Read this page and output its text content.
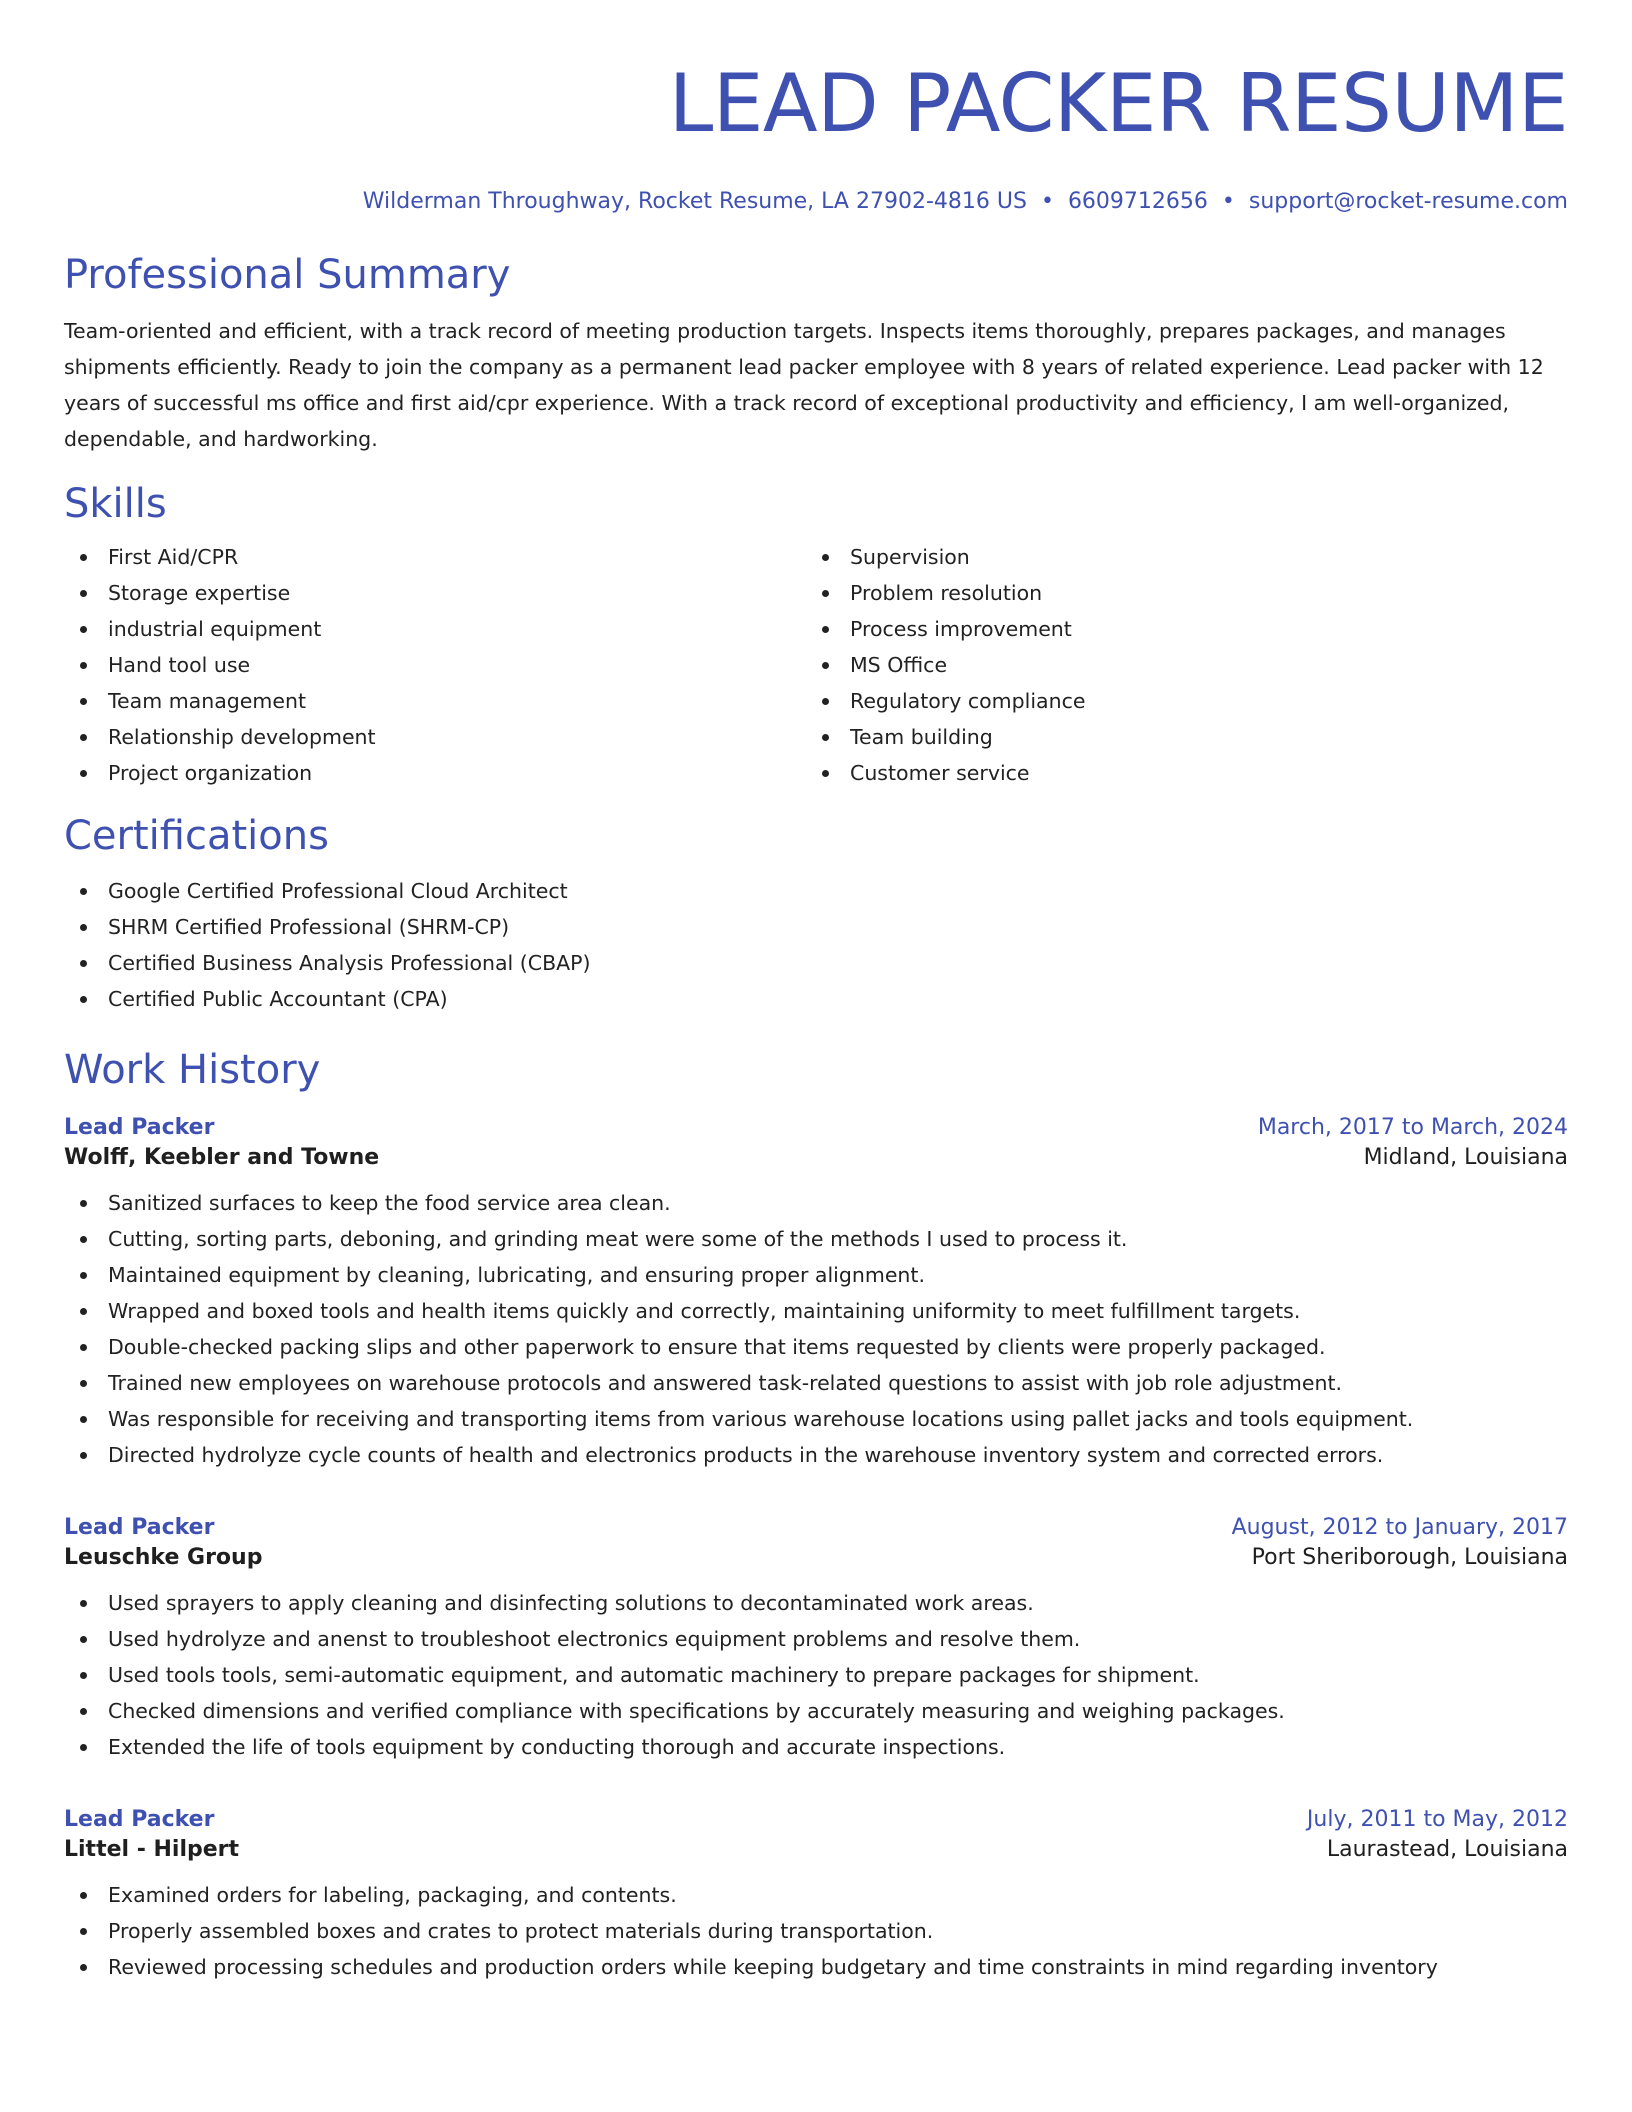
LEAD PACKER RESUME
Wilderman Throughway, Rocket Resume, LA 27902-4816 US • 6609712656 • support@rocket-resume.com
Professional Summary
Team-oriented and efficient, with a track record of meeting production targets. Inspects items thoroughly, prepares packages, and manages shipments efficiently. Ready to join the company as a permanent lead packer employee with 8 years of related experience. Lead packer with 12 years of successful ms office and first aid/cpr experience. With a track record of exceptional productivity and efficiency, I am well-organized, dependable, and hardworking.
Skills
First Aid/CPR
Storage expertise
industrial equipment
Hand tool use
Team management
Relationship development
Project organization
Supervision
Problem resolution
Process improvement
MS Office
Regulatory compliance
Team building
Customer service
Certifications
Google Certified Professional Cloud Architect
SHRM Certified Professional (SHRM-CP)
Certified Business Analysis Professional (CBAP)
Certified Public Accountant (CPA)
Work History
Lead Packer	March, 2017 to March, 2024
Wolff, Keebler and Towne	Midland, Louisiana
Sanitized surfaces to keep the food service area clean.
Cutting, sorting parts, deboning, and grinding meat were some of the methods I used to process it.
Maintained equipment by cleaning, lubricating, and ensuring proper alignment.
Wrapped and boxed tools and health items quickly and correctly, maintaining uniformity to meet fulfillment targets.
Double-checked packing slips and other paperwork to ensure that items requested by clients were properly packaged.
Trained new employees on warehouse protocols and answered task-related questions to assist with job role adjustment.
Was responsible for receiving and transporting items from various warehouse locations using pallet jacks and tools equipment.
Directed hydrolyze cycle counts of health and electronics products in the warehouse inventory system and corrected errors.
Lead Packer	August, 2012 to January, 2017
Leuschke Group	Port Sheriborough, Louisiana
Used sprayers to apply cleaning and disinfecting solutions to decontaminated work areas.
Used hydrolyze and anenst to troubleshoot electronics equipment problems and resolve them.
Used tools tools, semi-automatic equipment, and automatic machinery to prepare packages for shipment.
Checked dimensions and verified compliance with specifications by accurately measuring and weighing packages.
Extended the life of tools equipment by conducting thorough and accurate inspections.
Lead Packer	July, 2011 to May, 2012
Littel - Hilpert	Laurastead, Louisiana
Examined orders for labeling, packaging, and contents.
Properly assembled boxes and crates to protect materials during transportation.
Reviewed processing schedules and production orders while keeping budgetary and time constraints in mind regarding inventory
